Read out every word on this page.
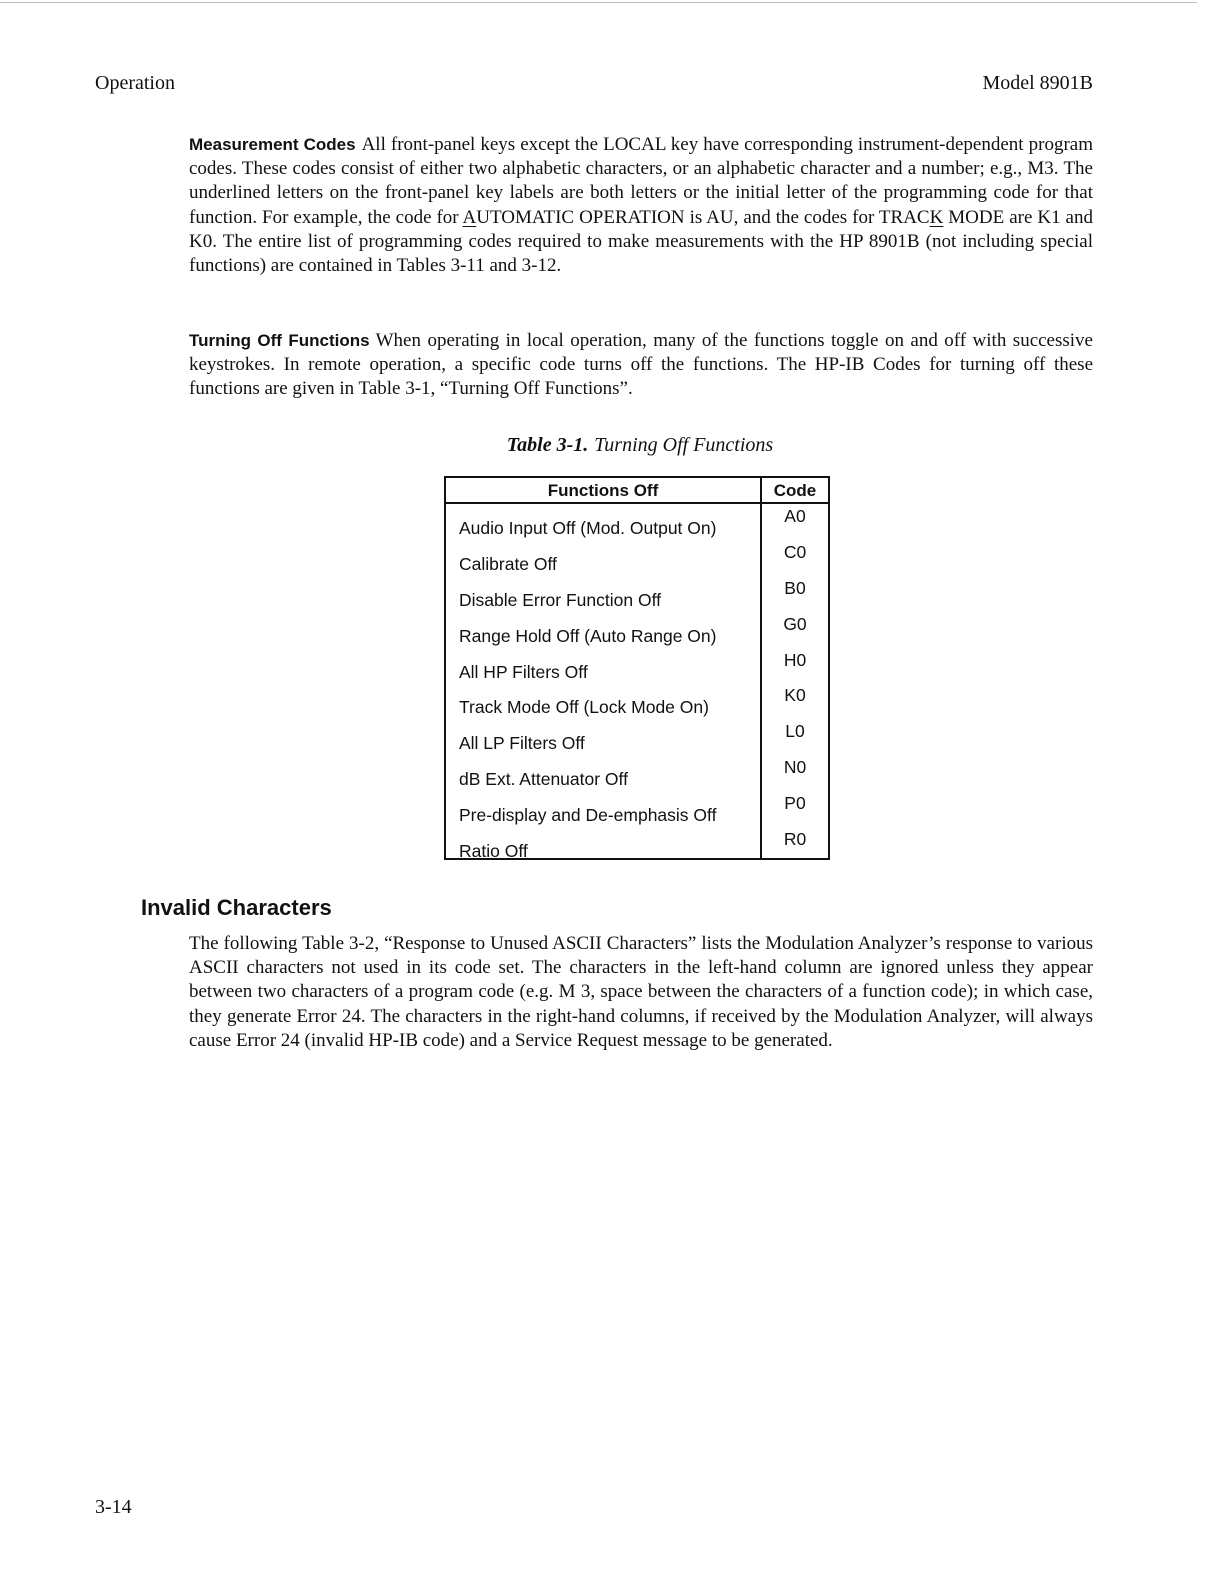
Operation	Model 8901B
Measurement Codes All front-panel keys except the LOCAL key have corresponding instrument-dependent program codes. These codes consist of either two alphabetic characters, or an alphabetic character and a number; e.g., M3. The underlined letters on the front-panel key labels are both letters or the initial letter of the programming code for that function. For example, the code for AUTOMATIC OPERATION is AU, and the codes for TRACK MODE are K1 and K0. The entire list of programming codes required to make measurements with the HP 8901B (not including special functions) are contained in Tables 3-11 and 3-12.
Turning Off Functions When operating in local operation, many of the functions toggle on and off with successive keystrokes. In remote operation, a specific code turns off the functions. The HP-IB Codes for turning off these functions are given in Table 3-1, “Turning Off Functions”.
Table 3-1. Turning Off Functions
Functions Off	Code
Audio Input Off (Mod. Output On)
A0
Calibrate Off
C0
Disable Error Function Off
B0
Range Hold Off (Auto Range On)
G0
All HP Filters Off
H0
Track Mode Off (Lock Mode On)
K0
All LP Filters Off
L0
dB Ext. Attenuator Off
N0
Pre-display and De-emphasis Off
P0
Ratio Off
R0
Invalid Characters
The following Table 3-2, “Response to Unused ASCII Characters” lists the Modulation Analyzer’s response to various ASCII characters not used in its code set. The characters in the left-hand column are ignored unless they appear between two characters of a program code (e.g. M 3, space between the characters of a function code); in which case, they generate Error 24. The characters in the right-hand columns, if received by the Modulation Analyzer, will always cause Error 24 (invalid HP-IB code) and a Service Request message to be generated.
3-14
